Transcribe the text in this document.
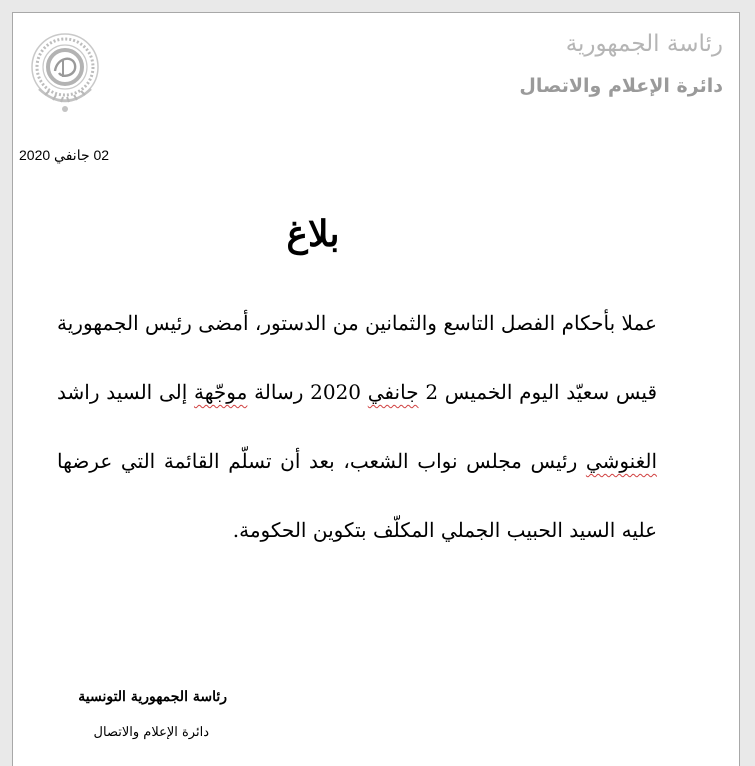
رئاسة الجمهورية
دائرة الإعلام والاتصال
02 جانفي 2020
بلاغ
عملا بأحكام الفصل التاسع والثمانين من الدستور، أمضى رئيس الجمهورية قيس سعيّد اليوم الخميس 2 جانفي 2020 رسالة موجّهة إلى السيد راشد الغنوشي رئيس مجلس نواب الشعب، بعد أن تسلّم القائمة التي عرضها عليه السيد الحبيب الجملي المكلّف بتكوين الحكومة.
رئاسة الجمهورية التونسية
دائرة الإعلام والاتصال
